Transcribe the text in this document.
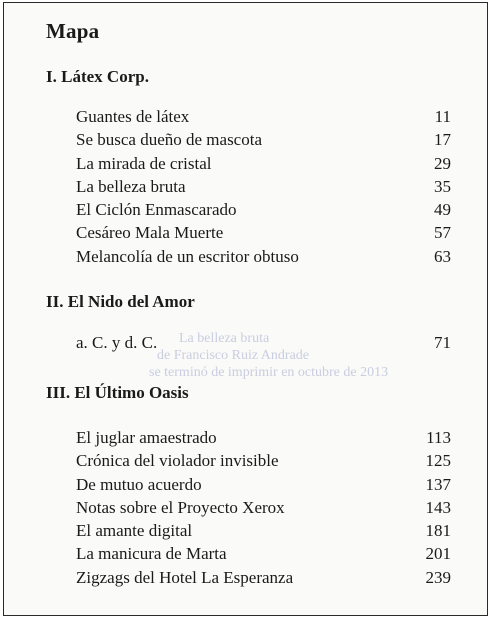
Mapa
La belleza bruta
de Francisco Ruiz Andrade
se terminó de imprimir en octubre de 2013
I. Látex Corp.
Guantes de látex	11
Se busca dueño de mascota	17
La mirada de cristal	29
La belleza bruta	35
El Ciclón Enmascarado	49
Cesáreo Mala Muerte	57
Melancolía de un escritor obtuso	63
II. El Nido del Amor
a. C. y d. C.	71
III. El Último Oasis
El juglar amaestrado	113
Crónica del violador invisible	125
De mutuo acuerdo	137
Notas sobre el Proyecto Xerox	143
El amante digital	181
La manicura de Marta	201
Zigzags del Hotel La Esperanza	239
